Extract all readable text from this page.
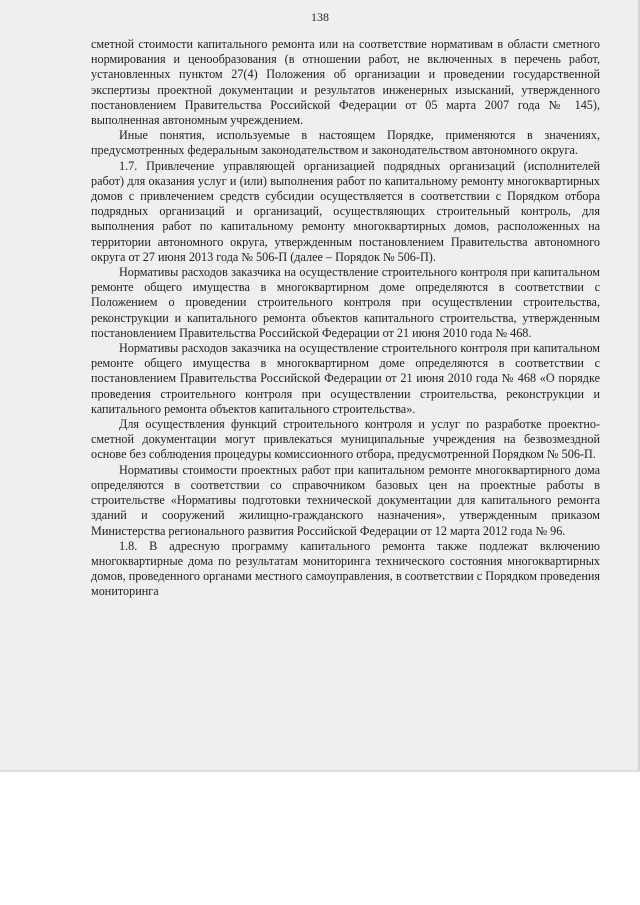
138

сметной стоимости капитального ремонта или на соответствие нормативам в области сметного нормирования и ценообразования (в отношении работ, не включенных в перечень работ, установленных пунктом 27(4) Положения об организации и проведении государственной экспертизы проектной документации и результатов инженерных изысканий, утвержденного постановлением Правительства Российской Федерации от 05 марта 2007 года № 145), выполненная автономным учреждением.

Иные понятия, используемые в настоящем Порядке, применяются в значениях, предусмотренных федеральным законодательством и законодательством автономного округа.

1.7. Привлечение управляющей организацией подрядных организаций (исполнителей работ) для оказания услуг и (или) выполнения работ по капитальному ремонту многоквартирных домов с привлечением средств субсидии осуществляется в соответствии с Порядком отбора подрядных организаций и организаций, осуществляющих строительный контроль, для выполнения работ по капитальному ремонту многоквартирных домов, расположенных на территории автономного округа, утвержденным постановлением Правительства автономного округа от 27 июня 2013 года № 506-П (далее – Порядок № 506-П).

Нормативы расходов заказчика на осуществление строительного контроля при капитальном ремонте общего имущества в многоквартирном доме определяются в соответствии с Положением о проведении строительного контроля при осуществлении строительства, реконструкции и капитального ремонта объектов капитального строительства, утвержденным постановлением Правительства Российской Федерации от 21 июня 2010 года № 468.

Нормативы расходов заказчика на осуществление строительного контроля при капитальном ремонте общего имущества в многоквартирном доме определяются в соответствии с постановлением Правительства Российской Федерации от 21 июня 2010 года № 468 «О порядке проведения строительного контроля при осуществлении строительства, реконструкции и капитального ремонта объектов капитального строительства».

Для осуществления функций строительного контроля и услуг по разработке проектно-сметной документации могут привлекаться муниципальные учреждения на безвозмездной основе без соблюдения процедуры комиссионного отбора, предусмотренной Порядком № 506-П.

Нормативы стоимости проектных работ при капитальном ремонте многоквартирного дома определяются в соответствии со справочником базовых цен на проектные работы в строительстве «Нормативы подготовки технической документации для капитального ремонта зданий и сооружений жилищно-гражданского назначения», утвержденным приказом Министерства регионального развития Российской Федерации от 12 марта 2012 года № 96.

1.8. В адресную программу капитального ремонта также подлежат включению многоквартирные дома по результатам мониторинга технического состояния многоквартирных домов, проведенного органами местного самоуправления, в соответствии с Порядком проведения мониторинга
